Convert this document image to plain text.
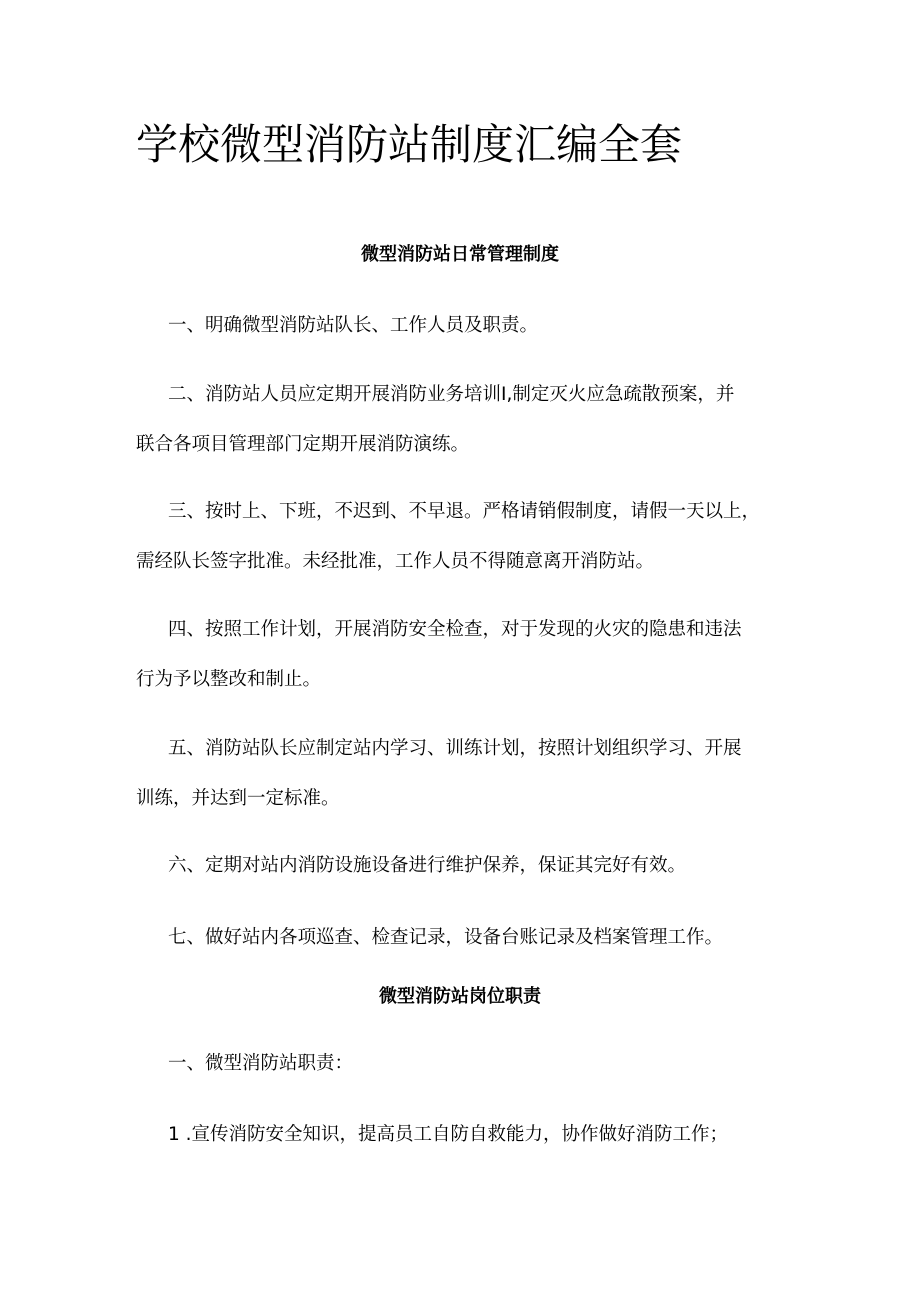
学校微型消防站制度汇编全套
微型消防站日常管理制度
一、明确微型消防站队长、工作人员及职责。
二、消防站人员应定期开展消防业务培训I,制定灭火应急疏散预案，并
联合各项目管理部门定期开展消防演练。
三、按时上、下班，不迟到、不早退。严格请销假制度，请假一天以上，
需经队长签字批准。未经批准，工作人员不得随意离开消防站。
四、按照工作计划，开展消防安全检查，对于发现的火灾的隐患和违法
行为予以整改和制止。
五、消防站队长应制定站内学习、训练计划，按照计划组织学习、开展
训练，并达到一定标准。
六、定期对站内消防设施设备进行维护保养，保证其完好有效。
七、做好站内各项巡查、检查记录，设备台账记录及档案管理工作。
微型消防站岗位职责
一、微型消防站职责：
1 .宣传消防安全知识，提高员工自防自救能力，协作做好消防工作；
